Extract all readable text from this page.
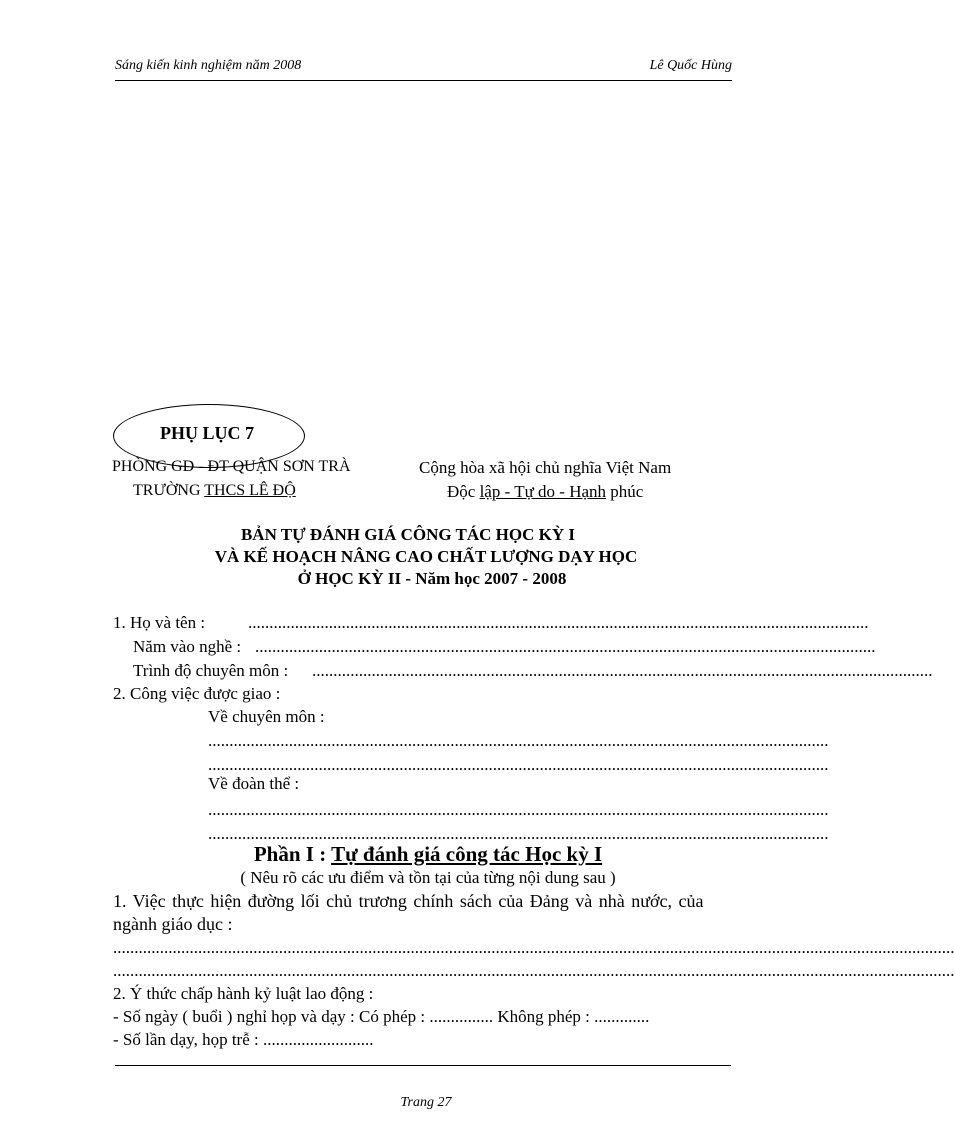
Sáng kiến kinh nghiệm năm 2008	Lê Quốc Hùng
PHỤ LỤC 7
PHÒNG GD - ĐT QUẬN SƠN TRÀ
TRƯỜNG THCS LÊ ĐỘ
Cộng hòa xã hội chủ nghĩa Việt Nam
Độc lập - Tự do - Hạnh phúc
BẢN TỰ ĐÁNH GIÁ CÔNG TÁC HỌC KỲ I
VÀ KẾ HOẠCH NÂNG CAO CHẤT LƯỢNG DẠY HỌC
Ở HỌC KỲ II - Năm học 2007 - 2008
1. Họ và tên :	..................................................................................................................................................
Năm vào nghề : ..................................................................................................................................................
Trình độ chuyên môn : ..................................................................................................................................................
2. Công việc được giao :
Về chuyên môn :
..................................................................................................................................................
..................................................................................................................................................
Về đoàn thể :
..................................................................................................................................................
..................................................................................................................................................
Phần I : Tự đánh giá công tác Học kỳ I
( Nêu rõ các ưu điểm và tồn tại của từng nội dung sau )
1. Việc thực hiện đường lối chủ trương chính sách của Đảng và nhà nước, của
ngành giáo dục :
......................................................................................................................................................................................................
......................................................................................................................................................................................................
2. Ý thức chấp hành kỷ luật lao động :
- Số ngày ( buổi ) nghỉ họp và dạy : Có phép : ............... Không phép : .............
- Số lần dạy, họp trễ : ..........................
Trang 27
